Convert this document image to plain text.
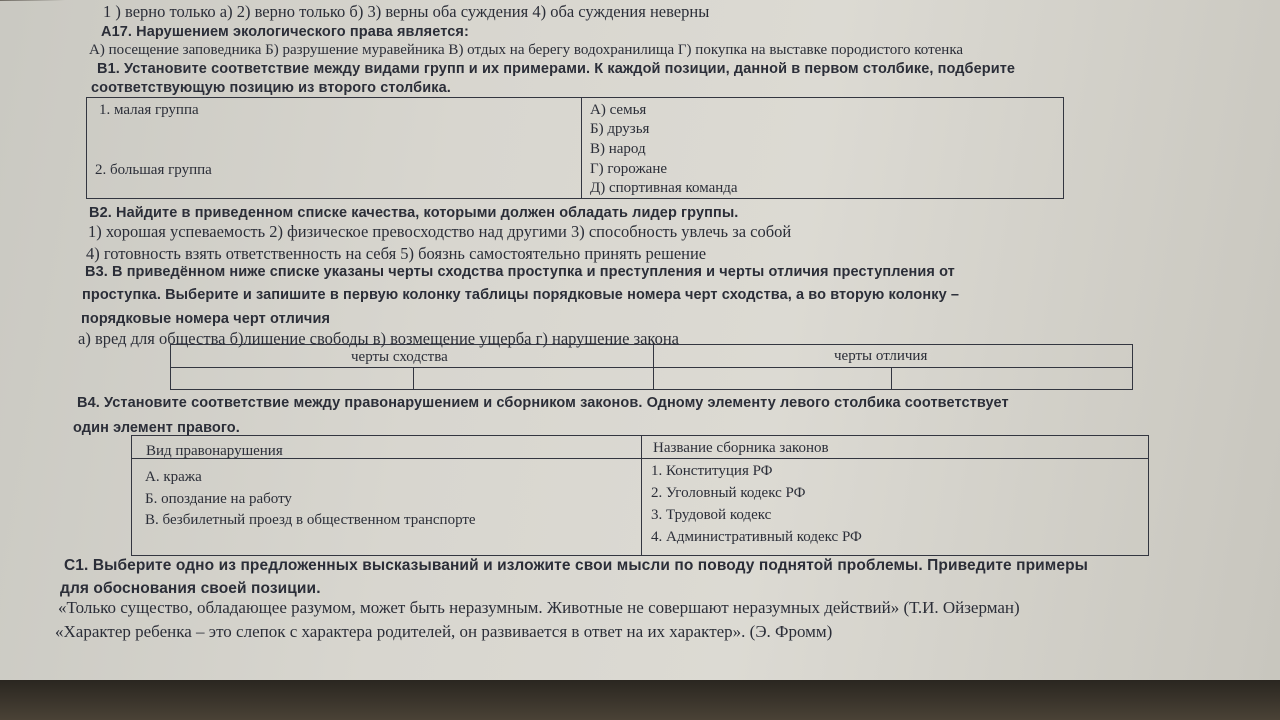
1 ) верно только а) 2) верно только б) 3) верны оба суждения 4) оба суждения неверны
А17. Нарушением экологического права является:
А) посещение заповедника Б) разрушение муравейника В) отдых на берегу водохранилища Г) покупка на выставке породистого котенка
В1. Установите соответствие между видами групп и их примерами. К каждой позиции, данной в первом столбике, подберите
соответствующую позицию из второго столбика.
1. малая группа
2. большая группа
А) семья
Б) друзья
В) народ
Г) горожане
Д) спортивная команда
В2. Найдите в приведенном списке качества, которыми должен обладать лидер группы.
1) хорошая успеваемость 2) физическое превосходство над другими 3) способность увлечь за собой
4) готовность взять ответственность на себя 5) боязнь самостоятельно принять решение
В3. В приведённом ниже списке указаны черты сходства проступка и преступления и черты отличия преступления от
проступка. Выберите и запишите в первую колонку таблицы порядковые номера черт сходства, а во вторую колонку –
порядковые номера черт отличия
а) вред для общества б)лишение свободы в) возмещение ущерба г) нарушение закона
черты сходства	черты отличия
В4. Установите соответствие между правонарушением и сборником законов. Одному элементу левого столбика соответствует
один элемент правого.
Вид правонарушения	Название сборника законов
А. кража
Б. опоздание на работу
В. безбилетный проезд в общественном транспорте
1. Конституция РФ
2. Уголовный кодекс РФ
3. Трудовой кодекс
4. Административный кодекс РФ
С1. Выберите одно из предложенных высказываний и изложите свои мысли по поводу поднятой проблемы. Приведите примеры
для обоснования своей позиции.
«Только существо, обладающее разумом, может быть неразумным. Животные не совершают неразумных действий» (Т.И. Ойзерман)
«Характер ребенка – это слепок с характера родителей, он развивается в ответ на их характер». (Э. Фромм)
